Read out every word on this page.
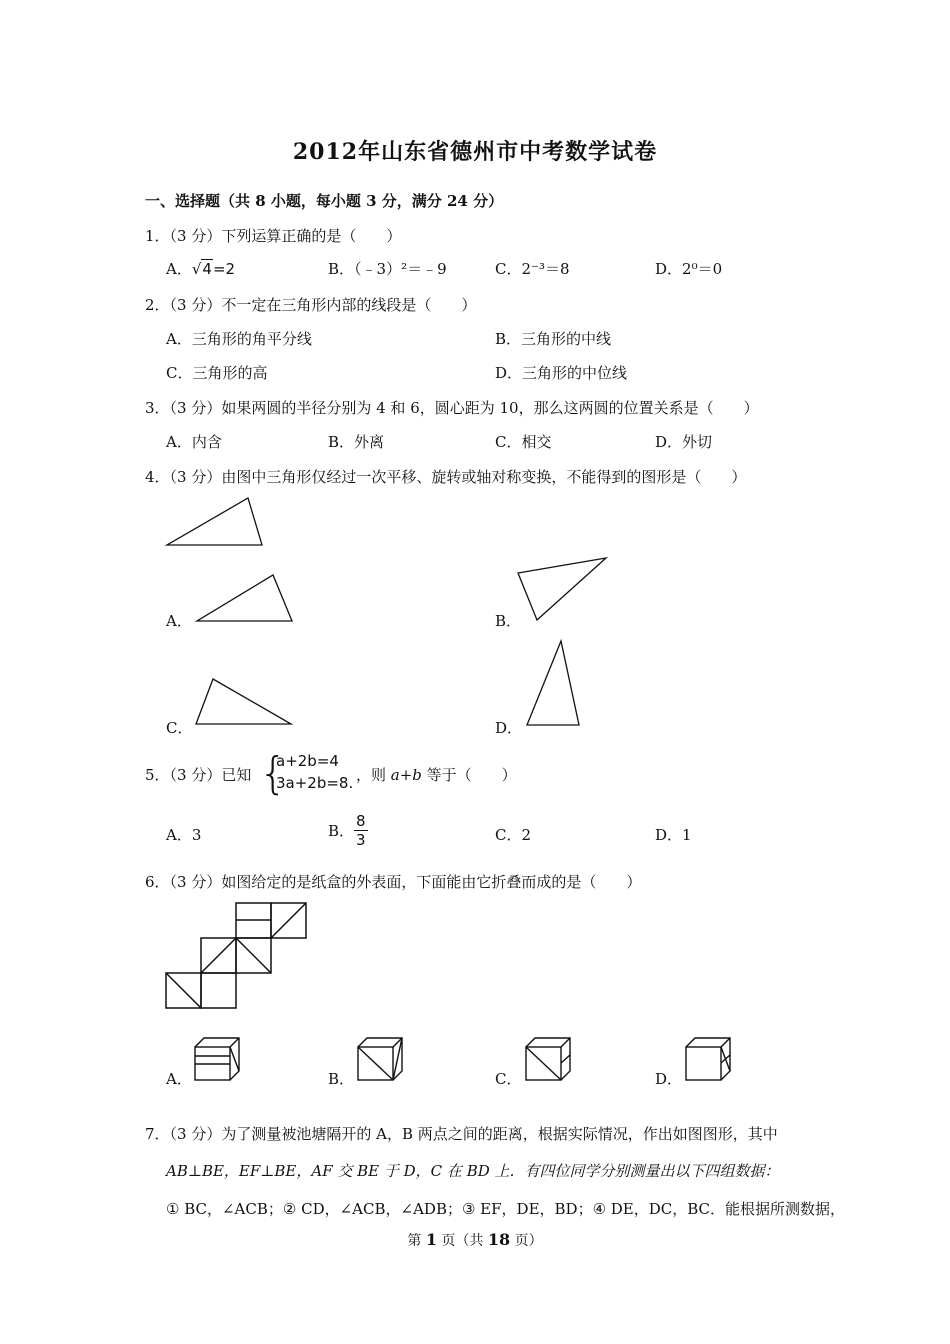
2012年山东省德州市中考数学试卷
一、选择题（共 8 小题，每小题 3 分，满分 24 分）
1．（3 分）下列运算正确的是（　　）
A．√4=2	B．（﹣3）²＝﹣9	C．2⁻³＝8	D．2⁰＝0
2．（3 分）不一定在三角形内部的线段是（　　）
A．三角形的角平分线	B．三角形的中线
C．三角形的高	D．三角形的中位线
3．（3 分）如果两圆的半径分别为 4 和 6，圆心距为 10，那么这两圆的位置关系是（　　）
A．内含	B．外离	C．相交	D．外切
4．（3 分）由图中三角形仅经过一次平移、旋转或轴对称变换，不能得到的图形是（　　）
A．	B．
C．	D．
5．（3 分）已知 {
a+2b=4
3a+2b=8. ，则 a+b 等于（　　）
A．3	B． $\frac{8}{3}$	C．2	D．1
6．（3 分）如图给定的是纸盒的外表面，下面能由它折叠而成的是（　　）
A．	B．	C．	D．
7．（3 分）为了测量被池塘隔开的 A，B 两点之间的距离，根据实际情况，作出如图图形，其中
AB⊥BE，EF⊥BE，AF 交 BE 于 D，C 在 BD 上．有四位同学分别测量出以下四组数据：
① BC，∠ACB；② CD，∠ACB，∠ADB；③ EF，DE，BD；④ DE，DC，BC．能根据所测数据，
第 1 页（共 18 页）
